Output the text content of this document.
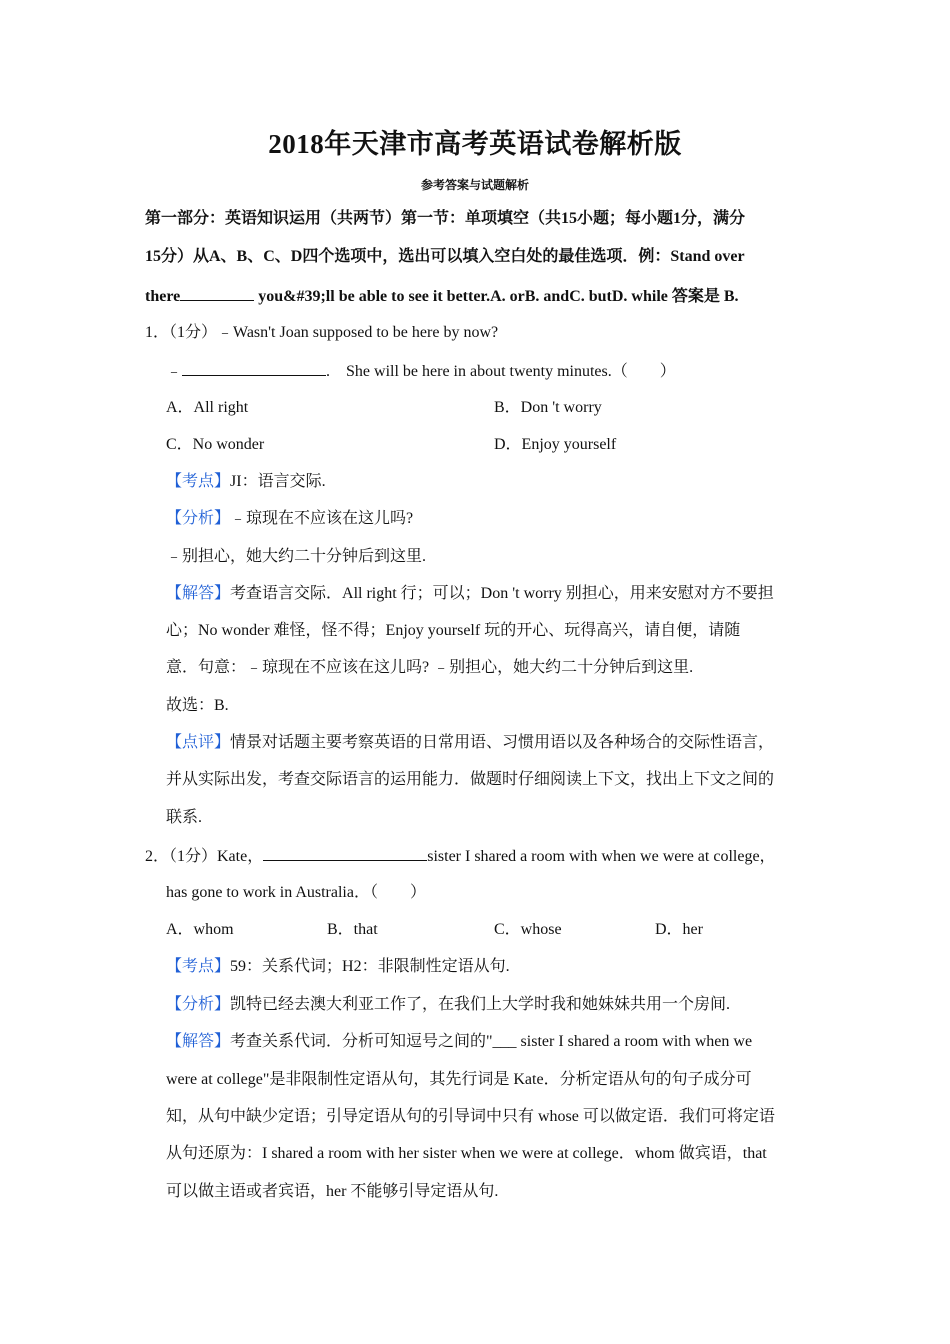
2018年天津市高考英语试卷解析版
参考答案与试题解析
第一部分：英语知识运用（共两节）第一节：单项填空（共15小题；每小题1分，满分
15分）从A、B、C、D四个选项中，选出可以填入空白处的最佳选项．例：Stand over
there	you&#39;ll be able to see it better.A. orB. andC. butD. while 答案是 B.
1．（1分）﹣Wasn't Joan supposed to be here by now?
﹣	.　She will be here in about twenty minutes.（　　）
A．All right	B．Don 't worry
C．No wonder	D．Enjoy yourself
【考点】JI：语言交际.
【分析】﹣琼现在不应该在这儿吗?
﹣别担心，她大约二十分钟后到这里.
【解答】考查语言交际．All right 行；可以；Don 't worry 别担心，用来安慰对方不要担
心；No wonder 难怪，怪不得；Enjoy yourself 玩的开心、玩得高兴，请自便，请随
意．句意：﹣琼现在不应该在这儿吗? ﹣别担心，她大约二十分钟后到这里.
故选：B.
【点评】情景对话题主要考察英语的日常用语、习惯用语以及各种场合的交际性语言，
并从实际出发，考查交际语言的运用能力．做题时仔细阅读上下文，找出上下文之间的
联系.
2．（1分）Kate，	sister I shared a room with when we were at college，
has gone to work in Australia．（　　）
A．whom	B．that	C．whose	D．her
【考点】59：关系代词；H2：非限制性定语从句.
【分析】凯特已经去澳大利亚工作了，在我们上大学时我和她妹妹共用一个房间.
【解答】考查关系代词．分析可知逗号之间的"___ sister I shared a room with when we
were at college"是非限制性定语从句，其先行词是 Kate．分析定语从句的句子成分可
知，从句中缺少定语；引导定语从句的引导词中只有 whose 可以做定语．我们可将定语
从句还原为：I shared a room with her sister when we were at college．whom 做宾语，that
可以做主语或者宾语，her 不能够引导定语从句.
